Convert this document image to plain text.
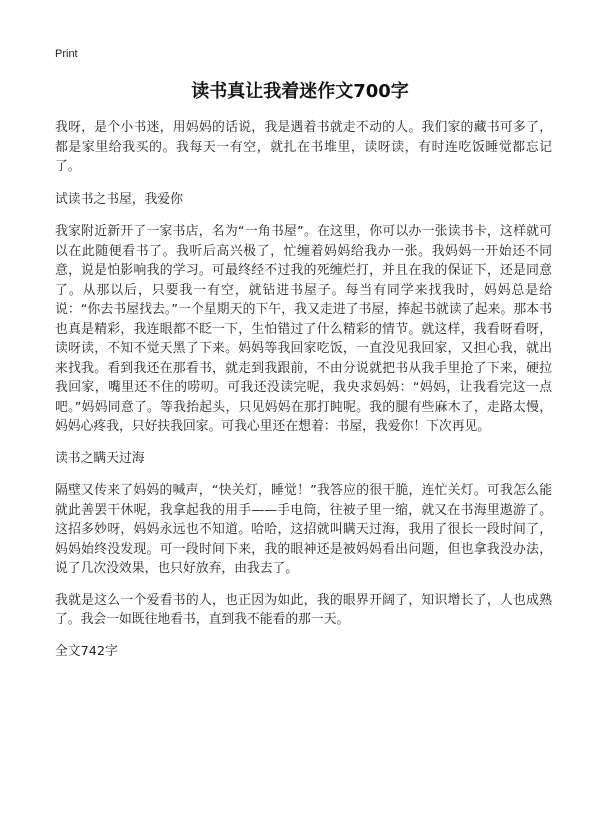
Print
读书真让我着迷作文700字

我呀，是个小书迷，用妈妈的话说，我是遇着书就走不动的人。我们家的藏书可多了，都是家里给我买的。我每天一有空，就扎在书堆里，读呀读，有时连吃饭睡觉都忘记了。

试读书之书屋，我爱你

我家附近新开了一家书店，名为“一角书屋”。在这里，你可以办一张读书卡，这样就可以在此随便看书了。我听后高兴极了，忙缠着妈妈给我办一张。我妈妈一开始还不同意，说是怕影响我的学习。可最终经不过我的死缠烂打，并且在我的保证下，还是同意了。从那以后，只要我一有空，就钻进书屋子。每当有同学来找我时，妈妈总是给说：“你去书屋找去。”一个星期天的下午，我又走进了书屋，捧起书就读了起来。那本书也真是精彩，我连眼都不眨一下，生怕错过了什么精彩的情节。就这样，我看呀看呀，读呀读，不知不觉天黑了下来。妈妈等我回家吃饭，一直没见我回家，又担心我，就出来找我。看到我还在那看书，就走到我跟前，不由分说就把书从我手里抢了下来，硬拉我回家，嘴里还不住的唠叨。可我还没读完呢，我央求妈妈：“妈妈，让我看完这一点吧。”妈妈同意了。等我抬起头，只见妈妈在那打盹呢。我的腿有些麻木了，走路太慢，妈妈心疼我，只好扶我回家。可我心里还在想着：书屋，我爱你！下次再见。

读书之瞒天过海

隔壁又传来了妈妈的喊声，“快关灯，睡觉！”我答应的很干脆，连忙关灯。可我怎么能就此善罢干休呢，我拿起我的用手——手电筒，往被子里一缩，就又在书海里遨游了。这招多妙呀，妈妈永远也不知道。哈哈，这招就叫瞒天过海，我用了很长一段时间了，妈妈始终没发现。可一段时间下来，我的眼神还是被妈妈看出问题，但也拿我没办法，说了几次没效果，也只好放弃，由我去了。

我就是这么一个爱看书的人，也正因为如此，我的眼界开阔了，知识增长了，人也成熟了。我会一如既往地看书，直到我不能看的那一天。

全文742字
